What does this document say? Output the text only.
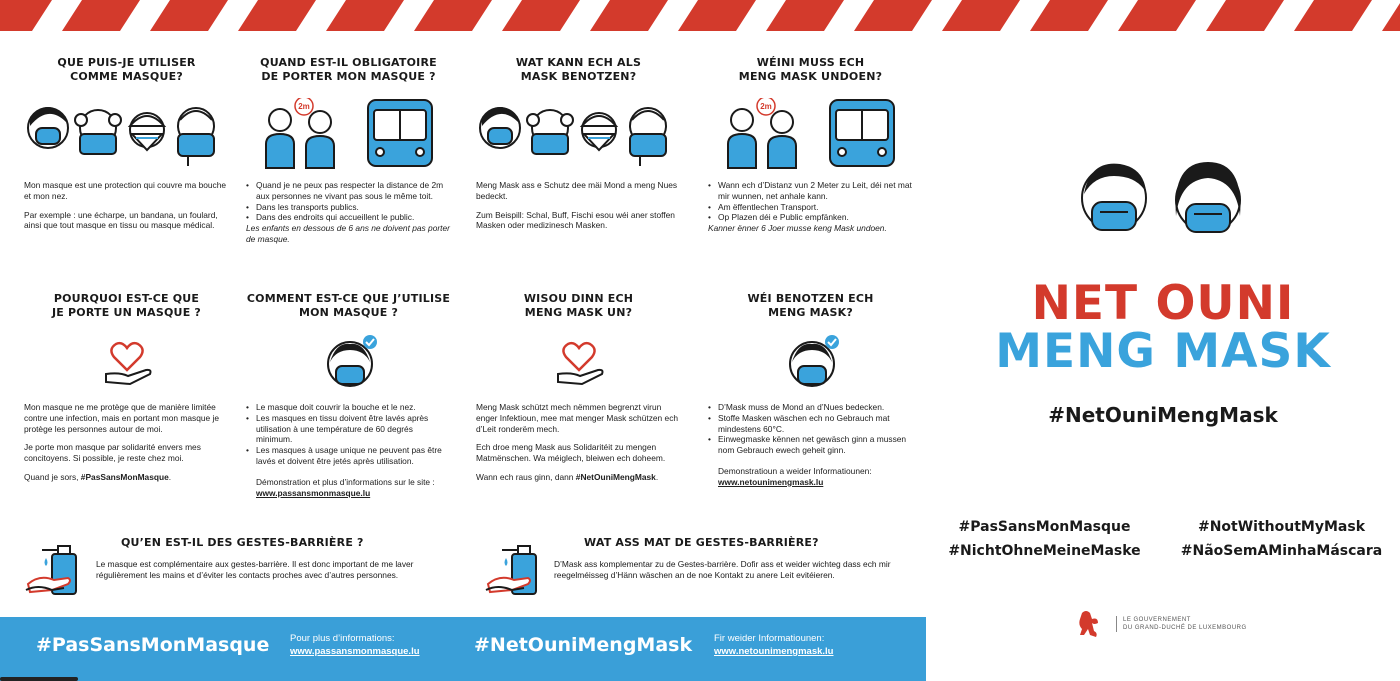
QUE PUIS-JE UTILISER
COMME MASQUE?

Mon masque est une protection qui couvre ma bouche et mon nez.

Par exemple : une écharpe, un bandana, un foulard, ainsi que tout masque en tissu ou masque médical.

QUAND EST-IL OBLIGATOIRE
DE PORTER MON MASQUE ?
2m
• Quand je ne peux pas respecter la distance de 2m aux personnes ne vivant pas sous le même toit.
• Dans les transports publics.
• Dans des endroits qui accueillent le public.

Les enfants en dessous de 6 ans ne doivent pas porter de masque.

POURQUOI EST-CE QUE
JE PORTE UN MASQUE ?

Mon masque ne me protège que de manière limitée contre une infection, mais en portant mon masque je protège les personnes autour de moi.

Je porte mon masque par solidarité envers mes concitoyens. Si possible, je reste chez moi.

Quand je sors, #PasSansMonMasque.

COMMENT EST-CE QUE J’UTILISE
MON MASQUE ?
• Le masque doit couvrir la bouche et le nez.
• Les masques en tissu doivent être lavés après utilisation à une température de 60 degrés minimum.
• Les masques à usage unique ne peuvent pas être lavés et doivent être jetés après utilisation.

Démonstration et plus d’informations sur le site :

www.passansmonmasque.lu

WAT KANN ECH ALS
MASK BENOTZEN?

Meng Mask ass e Schutz dee mäi Mond a meng Nues bedeckt.

Zum Beispill: Schal, Buff, Fischi esou wéi aner stoffen Masken oder medizinesch Masken.

WÉINI MUSS ECH
MENG MASK UNDOEN?
2m
• Wann ech d’Distanz vun 2 Meter zu Leit, déi net mat mir wunnen, net anhale kann.
• Am ëffentlechen Transport.
• Op Plazen déi e Public empfänken.

Kanner ënner 6 Joer musse keng Mask undoen.

WISOU DINN ECH
MENG MASK UN?

Meng Mask schützt mech nëmmen begrenzt virun enger Infektioun, mee mat menger Mask schützen ech d’Leit ronderëm mech.

Ech droe meng Mask aus Solidaritéit zu mengen Matmënschen. Wa méiglech, bleiwen ech doheem.

Wann ech raus ginn, dann #NetOuniMengMask.

WÉI BENOTZEN ECH
MENG MASK?
• D’Mask muss de Mond an d’Nues bedecken.
• Stoffe Masken wäschen ech no Gebrauch mat mindestens 60°C.
• Einwegmaske kënnen net gewäsch ginn a mussen nom Gebrauch ewech geheit ginn.

Demonstratioun a weider Informatiounen:

www.netounimengmask.lu

QU’EN EST-IL DES GESTES-BARRIÈRE ?

Le masque est complémentaire aux gestes-barrière. Il est donc important de me laver régulièrement les mains et d’éviter les contacts proches avec d’autres personnes.

WAT ASS MAT DE GESTES-BARRIÈRE?

D’Mask ass komplementar zu de Gestes-barrière. Dofir ass et weider wichteg dass ech mir reegelméisseg d’Hänn wäschen an de noe Kontakt zu anere Leit evitéieren.

#PasSansMonMasque Pour plus d’informations:
www.passansmonmasque.lu	#NetOuniMengMask Fir weider Informatiounen:
www.netounimengmask.lu
NET OUNI
MENG MASK
#NetOuniMengMask
#PasSansMonMasque	#NotWithoutMyMask
#NichtOhneMeineMaske	#NãoSemAMinhaMáscara
LE GOUVERNEMENT
DU GRAND-DUCHÉ DE LUXEMBOURG
